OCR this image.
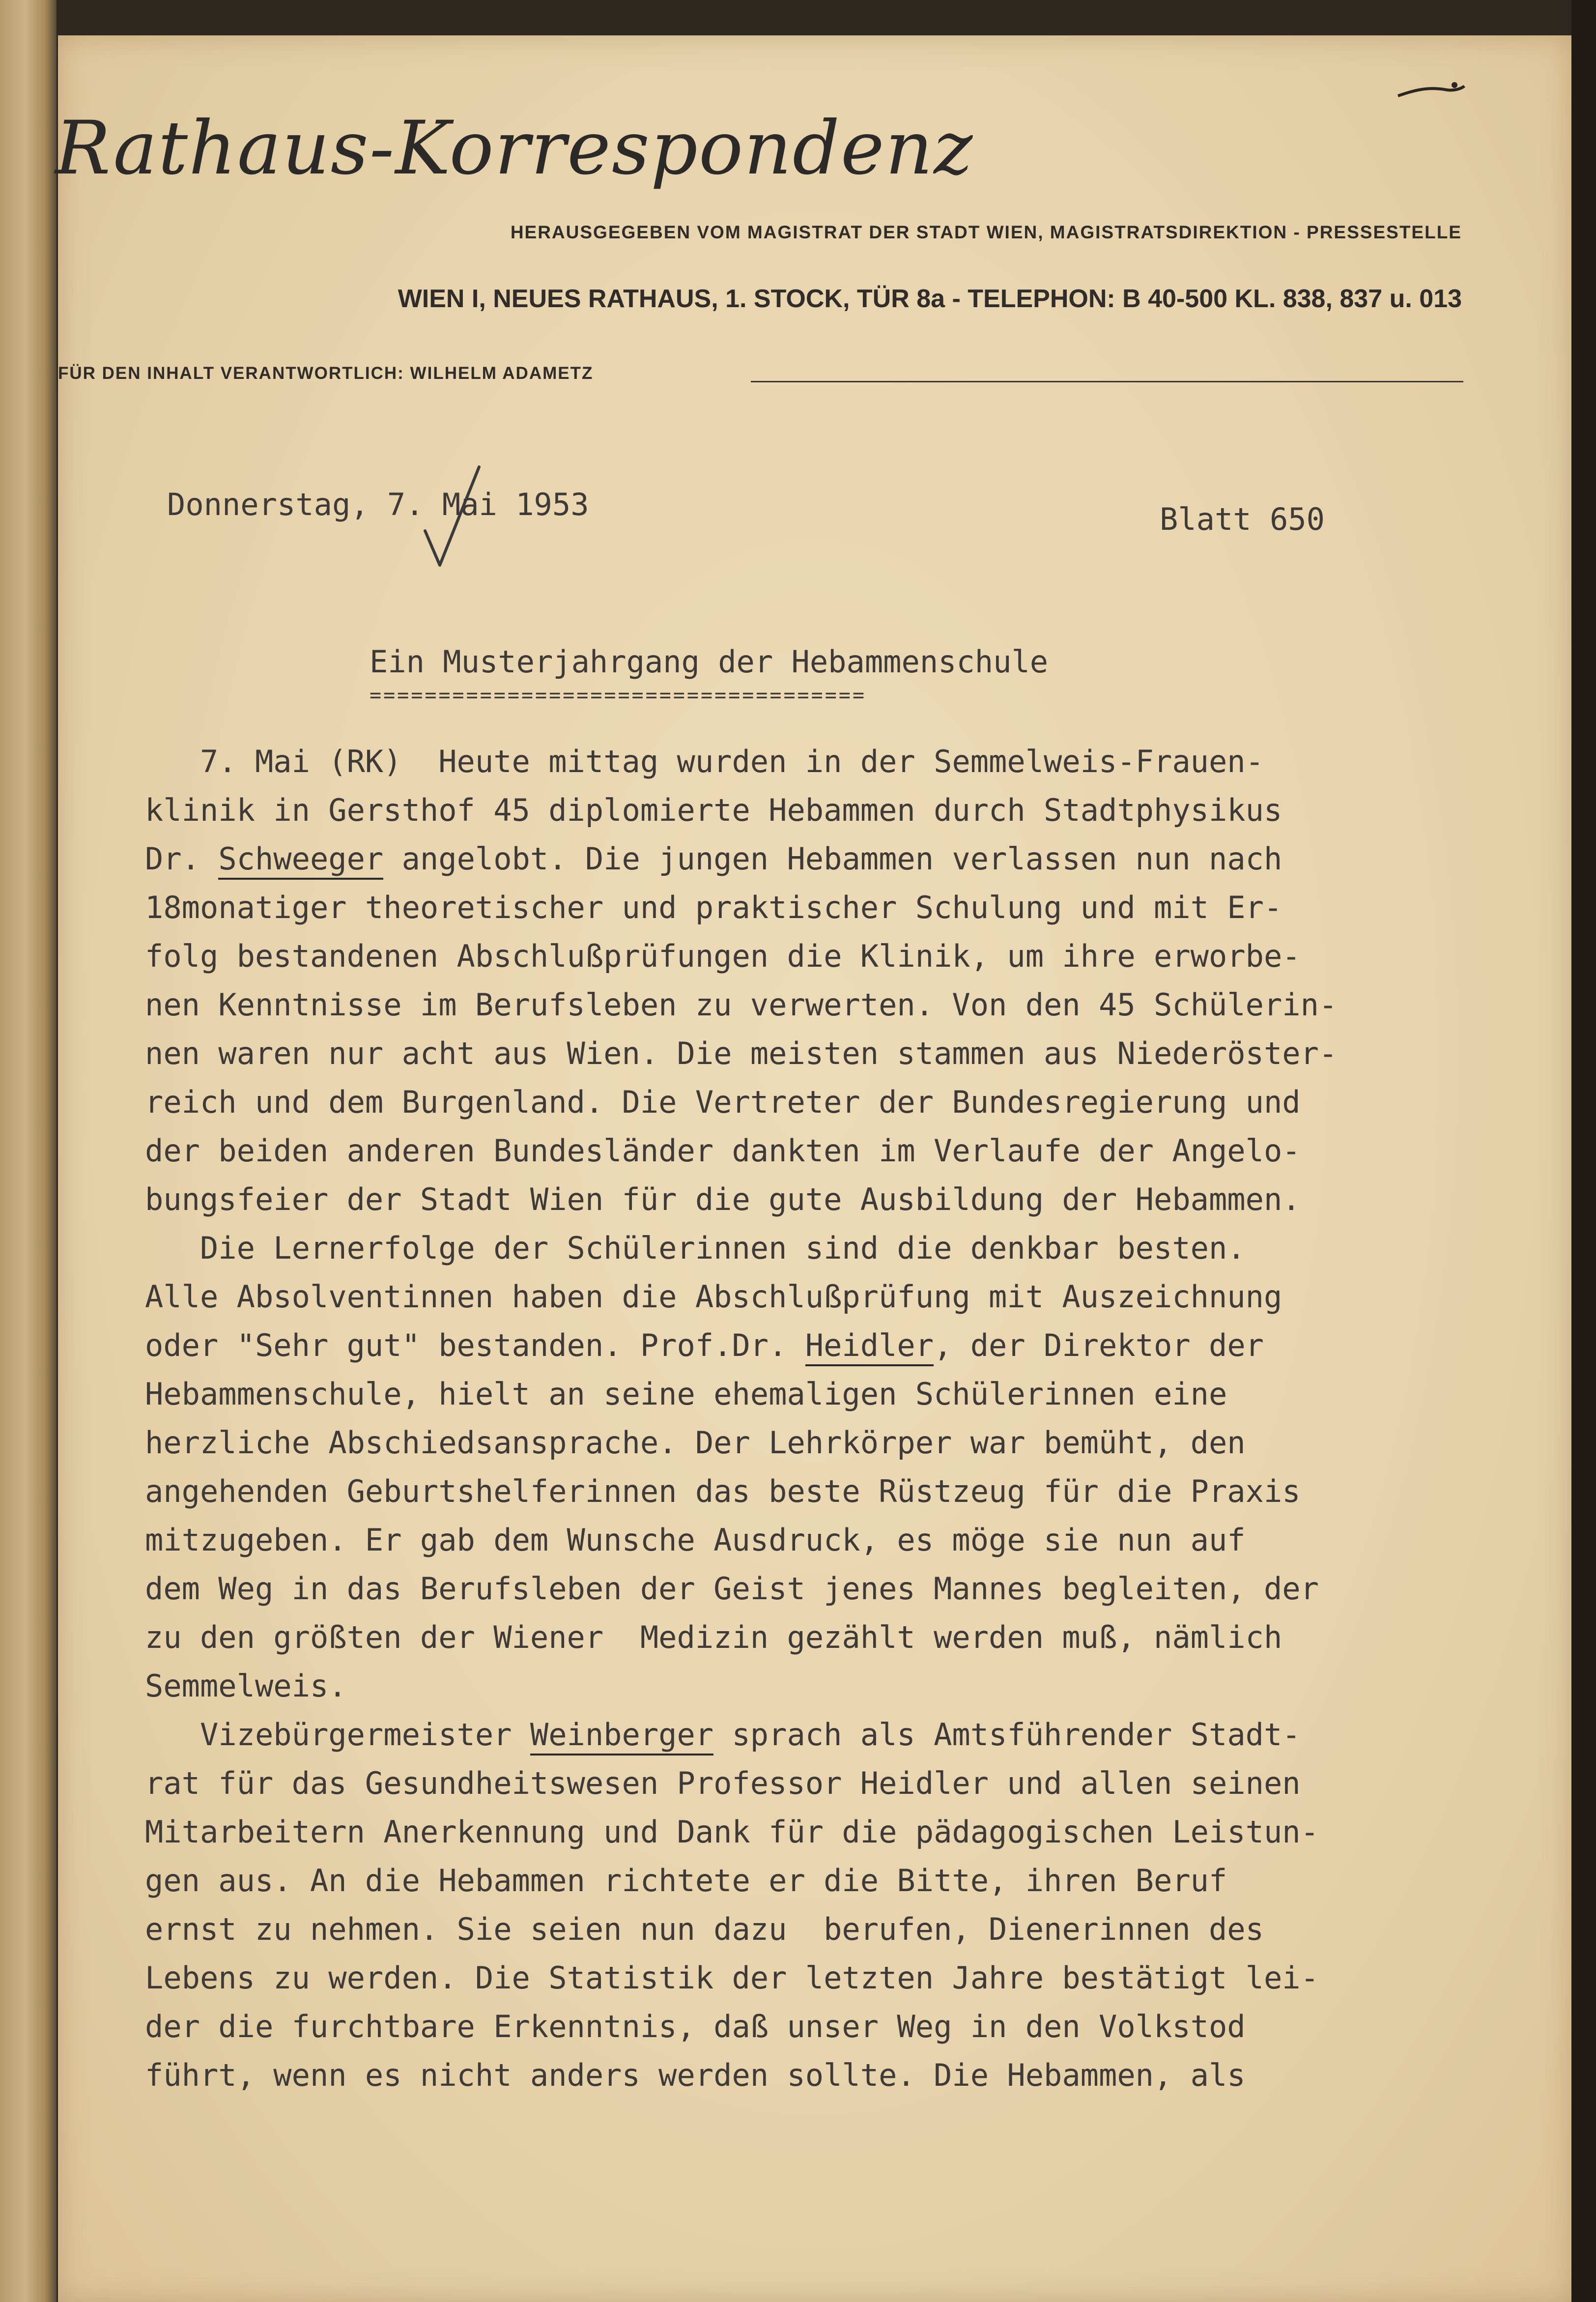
Rathaus-Korrespondenz
HERAUSGEGEBEN VOM MAGISTRAT DER STADT WIEN, MAGISTRATSDIREKTION - PRESSESTELLE
WIEN I, NEUES RATHAUS, 1. STOCK, TÜR 8a - TELEPHON: B 40-500 KL. 838, 837 u. 013
FÜR DEN INHALT VERANTWORTLICH: WILHELM ADAMETZ
Donnerstag, 7. Mai 1953	Blatt 650
Ein Musterjahrgang der Hebammenschule
====================================
7. Mai (RK)  Heute mittag wurden in der Semmelweis-Frauen-
klinik in Gersthof 45 diplomierte Hebammen durch Stadtphysikus
Dr. Schweeger angelobt. Die jungen Hebammen verlassen nun nach
18monatiger theoretischer und praktischer Schulung und mit Er-
folg bestandenen Abschlußprüfungen die Klinik, um ihre erworbe-
nen Kenntnisse im Berufsleben zu verwerten. Von den 45 Schülerin-
nen waren nur acht aus Wien. Die meisten stammen aus Niederöster-
reich und dem Burgenland. Die Vertreter der Bundesregierung und
der beiden anderen Bundesländer dankten im Verlaufe der Angelo-
bungsfeier der Stadt Wien für die gute Ausbildung der Hebammen.
Die Lernerfolge der Schülerinnen sind die denkbar besten.
Alle Absolventinnen haben die Abschlußprüfung mit Auszeichnung
oder "Sehr gut" bestanden. Prof.Dr. Heidler, der Direktor der
Hebammenschule, hielt an seine ehemaligen Schülerinnen eine
herzliche Abschiedsansprache. Der Lehrkörper war bemüht, den
angehenden Geburtshelferinnen das beste Rüstzeug für die Praxis
mitzugeben. Er gab dem Wunsche Ausdruck, es möge sie nun auf
dem Weg in das Berufsleben der Geist jenes Mannes begleiten, der
zu den größten der Wiener  Medizin gezählt werden muß, nämlich
Semmelweis.
Vizebürgermeister Weinberger sprach als Amtsführender Stadt-
rat für das Gesundheitswesen Professor Heidler und allen seinen
Mitarbeitern Anerkennung und Dank für die pädagogischen Leistun-
gen aus. An die Hebammen richtete er die Bitte, ihren Beruf
ernst zu nehmen. Sie seien nun dazu  berufen, Dienerinnen des
Lebens zu werden. Die Statistik der letzten Jahre bestätigt lei-
der die furchtbare Erkenntnis, daß unser Weg in den Volkstod
führt, wenn es nicht anders werden sollte. Die Hebammen, als
